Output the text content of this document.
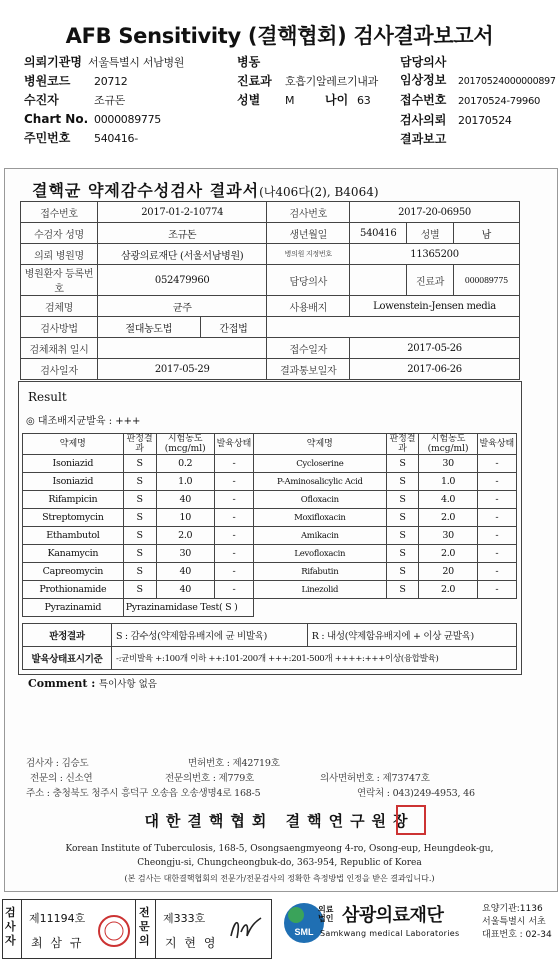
AFB Sensitivity (결핵협회) 검사결과보고서
의뢰기관명 서울특별시 서남병원
병원코드 20712
수진자	조규돈
Chart No. 0000089775
주민번호 540416-
병동
진료과 호흡기알레르기내과
성별 M	나이 63
담당의사
임상정보 20170524000000897
접수번호 20170524-79960
검사의뢰 20170524
결과보고
결핵균 약제감수성검사 결과서(나406다(2), B4064)
접수번호	2017-01-2-10774		검사번호	2017-20-06950		
수검자 성명	조규돈		생년월일	540416	성별	남
의뢰 병원명	삼광의료재단 (서울서남병원)		병의원 지정번호	11365200		
병원환자 등록번호	052479960		담당의사		진료과	000089775
검체명	균주		사용배지	Lowenstein-Jensen media		
검사방법	절대농도법	간접법				
검체채취 일시			접수일자	2017-05-26		
검사일자	2017-05-29		결과통보일자	2017-06-26		
Result
◎ 대조배지균발육 : +++
약제명	판정결과	시험농도 (mcg/ml)	발육상태	약제명	판정결과	시험농도 (mcg/ml)	발육상태
Isoniazid	S	0.2	-	Cycloserine	S	30	-
Isoniazid	S	1.0	-	P-Aminosalicylic Acid	S	1.0	-
Rifampicin	S	40	-	Ofloxacin	S	4.0	-
Streptomycin	S	10	-	Moxifloxacin	S	2.0	-
Ethambutol	S	2.0	-	Amikacin	S	30	-
Kanamycin	S	30	-	Levofloxacin	S	2.0	-
Capreomycin	S	40	-	Rifabutin	S	20	-
Prothionamide	S	40	-	Linezolid	S	2.0	-
Pyrazinamid	Pyrazinamidase Test( S )						
판정결과	S : 감수성(약제함유배지에 균 비발육)	R : 내성(약제함유배지에 + 이상 균발육)
발육상태표시기준	-:균비발육 +:100개 이하 ++:101-200개 +++:201-500개 ++++:+++이상(융합발육)	
Comment : 특이사항 없음
검사자 : 김승도	면허번호 : 제42719호
전문의 : 신소연	전문의번호 : 제779호	의사면허번호 : 제73747호
주소 : 충청북도 청주시 흥덕구 오송읍 오송생명4로 168-5	연락처 : 043)249-4953, 46
대한결핵협회 결핵연구원장
Korean Institute of Tuberculosis, 168-5, Osongsaengmyeong 4-ro, Osong-eup, Heungdeok-gu,
Cheongju-si, Chungcheongbuk-do, 363-954, Republic of Korea
(본 검사는 대한결핵협회의 전문가/전문검사의 정확한 측정방법 인정을 받은 결과입니다.)
검사자
제11194호
최 삼 규
전문의
제333호
지 현 영
SML
의료법인 삼광의료재단
Samkwang medical Laboratories
요양기관:1136
서울특별시 서초
대표번호 : 02-34
